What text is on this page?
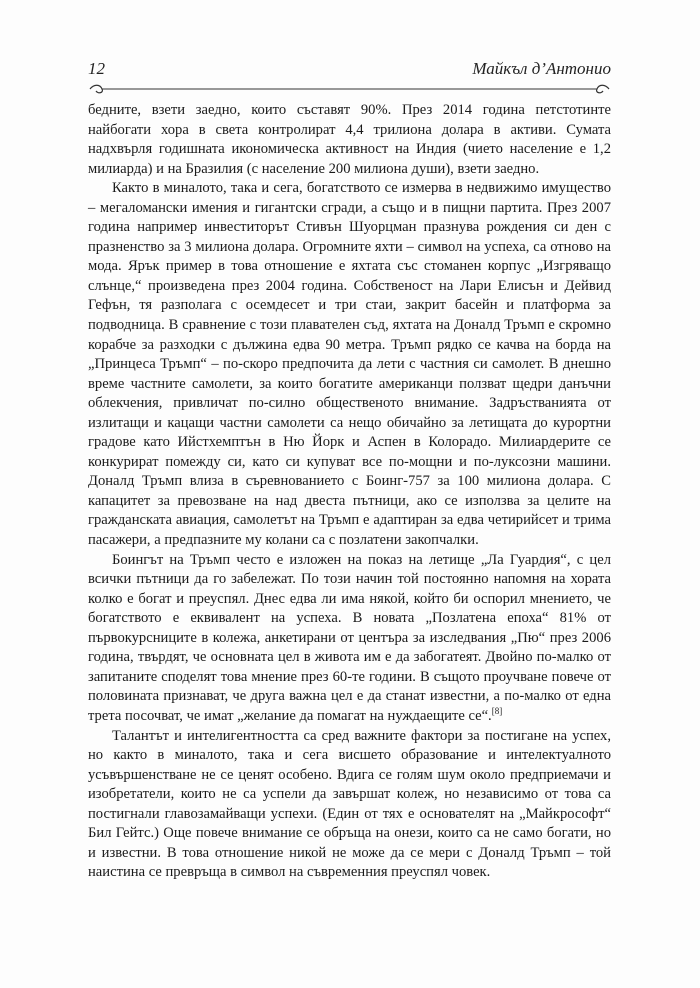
12	Майкъл д’Антонио

бедните, взети заедно, които съставят 90%. През 2014 година петстотинте найбогати хора в света контролират 4,4 трилиона долара в активи. Сумата надхвърля годишната икономическа активност на Индия (чието население е 1,2 милиарда) и на Бразилия (с население 200 милиона души), взети заедно.

Както в миналото, така и сега, богатството се измерва в недвижимо имущество – мегаломански имения и гигантски сгради, а също и в пищни партита. През 2007 година например инвеститорът Стивън Шуорцман празнува рождения си ден с празненство за 3 милиона долара. Огромните яхти – символ на успеха, са отново на мода. Ярък пример в това отношение е яхтата със стоманен корпус „Изгряващо слънце,“ произведена през 2004 година. Собственост на Лари Елисън и Дейвид Гефън, тя разполага с осемдесет и три стаи, закрит басейн и платформа за подводница. В сравнение с този плавателен съд, яхтата на Доналд Тръмп е скромно корабче за разходки с дължина едва 90 метра. Тръмп рядко се качва на борда на „Принцеса Тръмп“ – по-скоро предпочита да лети с частния си самолет. В днешно време частните самолети, за които богатите американци ползват щедри данъчни облекчения, привличат по-силно общественото внимание. Задръстванията от излитащи и кацащи частни самолети са нещо обичайно за летищата до курортни градове като Ийстхемптън в Ню Йорк и Аспен в Колорадо. Милиардерите се конкурират помежду си, като си купуват все по-мощни и по-луксозни машини. Доналд Тръмп влиза в съревнованието с Боинг-757 за 100 милиона долара. С капацитет за превозване на над двеста пътници, ако се използва за целите на гражданската авиация, самолетът на Тръмп е адаптиран за едва четирийсет и трима пасажери, а предпазните му колани са с позлатени закопчалки.

Боингът на Тръмп често е изложен на показ на летище „Ла Гуардия“, с цел всички пътници да го забележат. По този начин той постоянно напомня на хората колко е богат и преуспял. Днес едва ли има някой, който би оспорил мнението, че богатството е еквивалент на успеха. В новата „Позлатена епоха“ 81% от първокурсниците в колежа, анкетирани от центъра за изследвания „Пю“ през 2006 година, твърдят, че основната цел в живота им е да забогатеят. Двойно по-малко от запитаните споделят това мнение през 60-те години. В същото проучване повече от половината признават, че друга важна цел е да станат известни, а по-малко от една трета посочват, че имат „желание да помагат на нуждаещите се“.[8]

Талантът и интелигентността са сред важните фактори за постигане на успех, но както в миналото, така и сега висшето образование и интелектуалното усъвършенстване не се ценят особено. Вдига се голям шум около предприемачи и изобретатели, които не са успели да завършат колеж, но независимо от това са постигнали главозамайващи успехи. (Един от тях е основателят на „Майкрософт“ Бил Гейтс.) Още повече внимание се обръща на онези, които са не само богати, но и известни. В това отношение никой не може да се мери с Доналд Тръмп – той наистина се превръща в символ на съвременния преуспял човек.
